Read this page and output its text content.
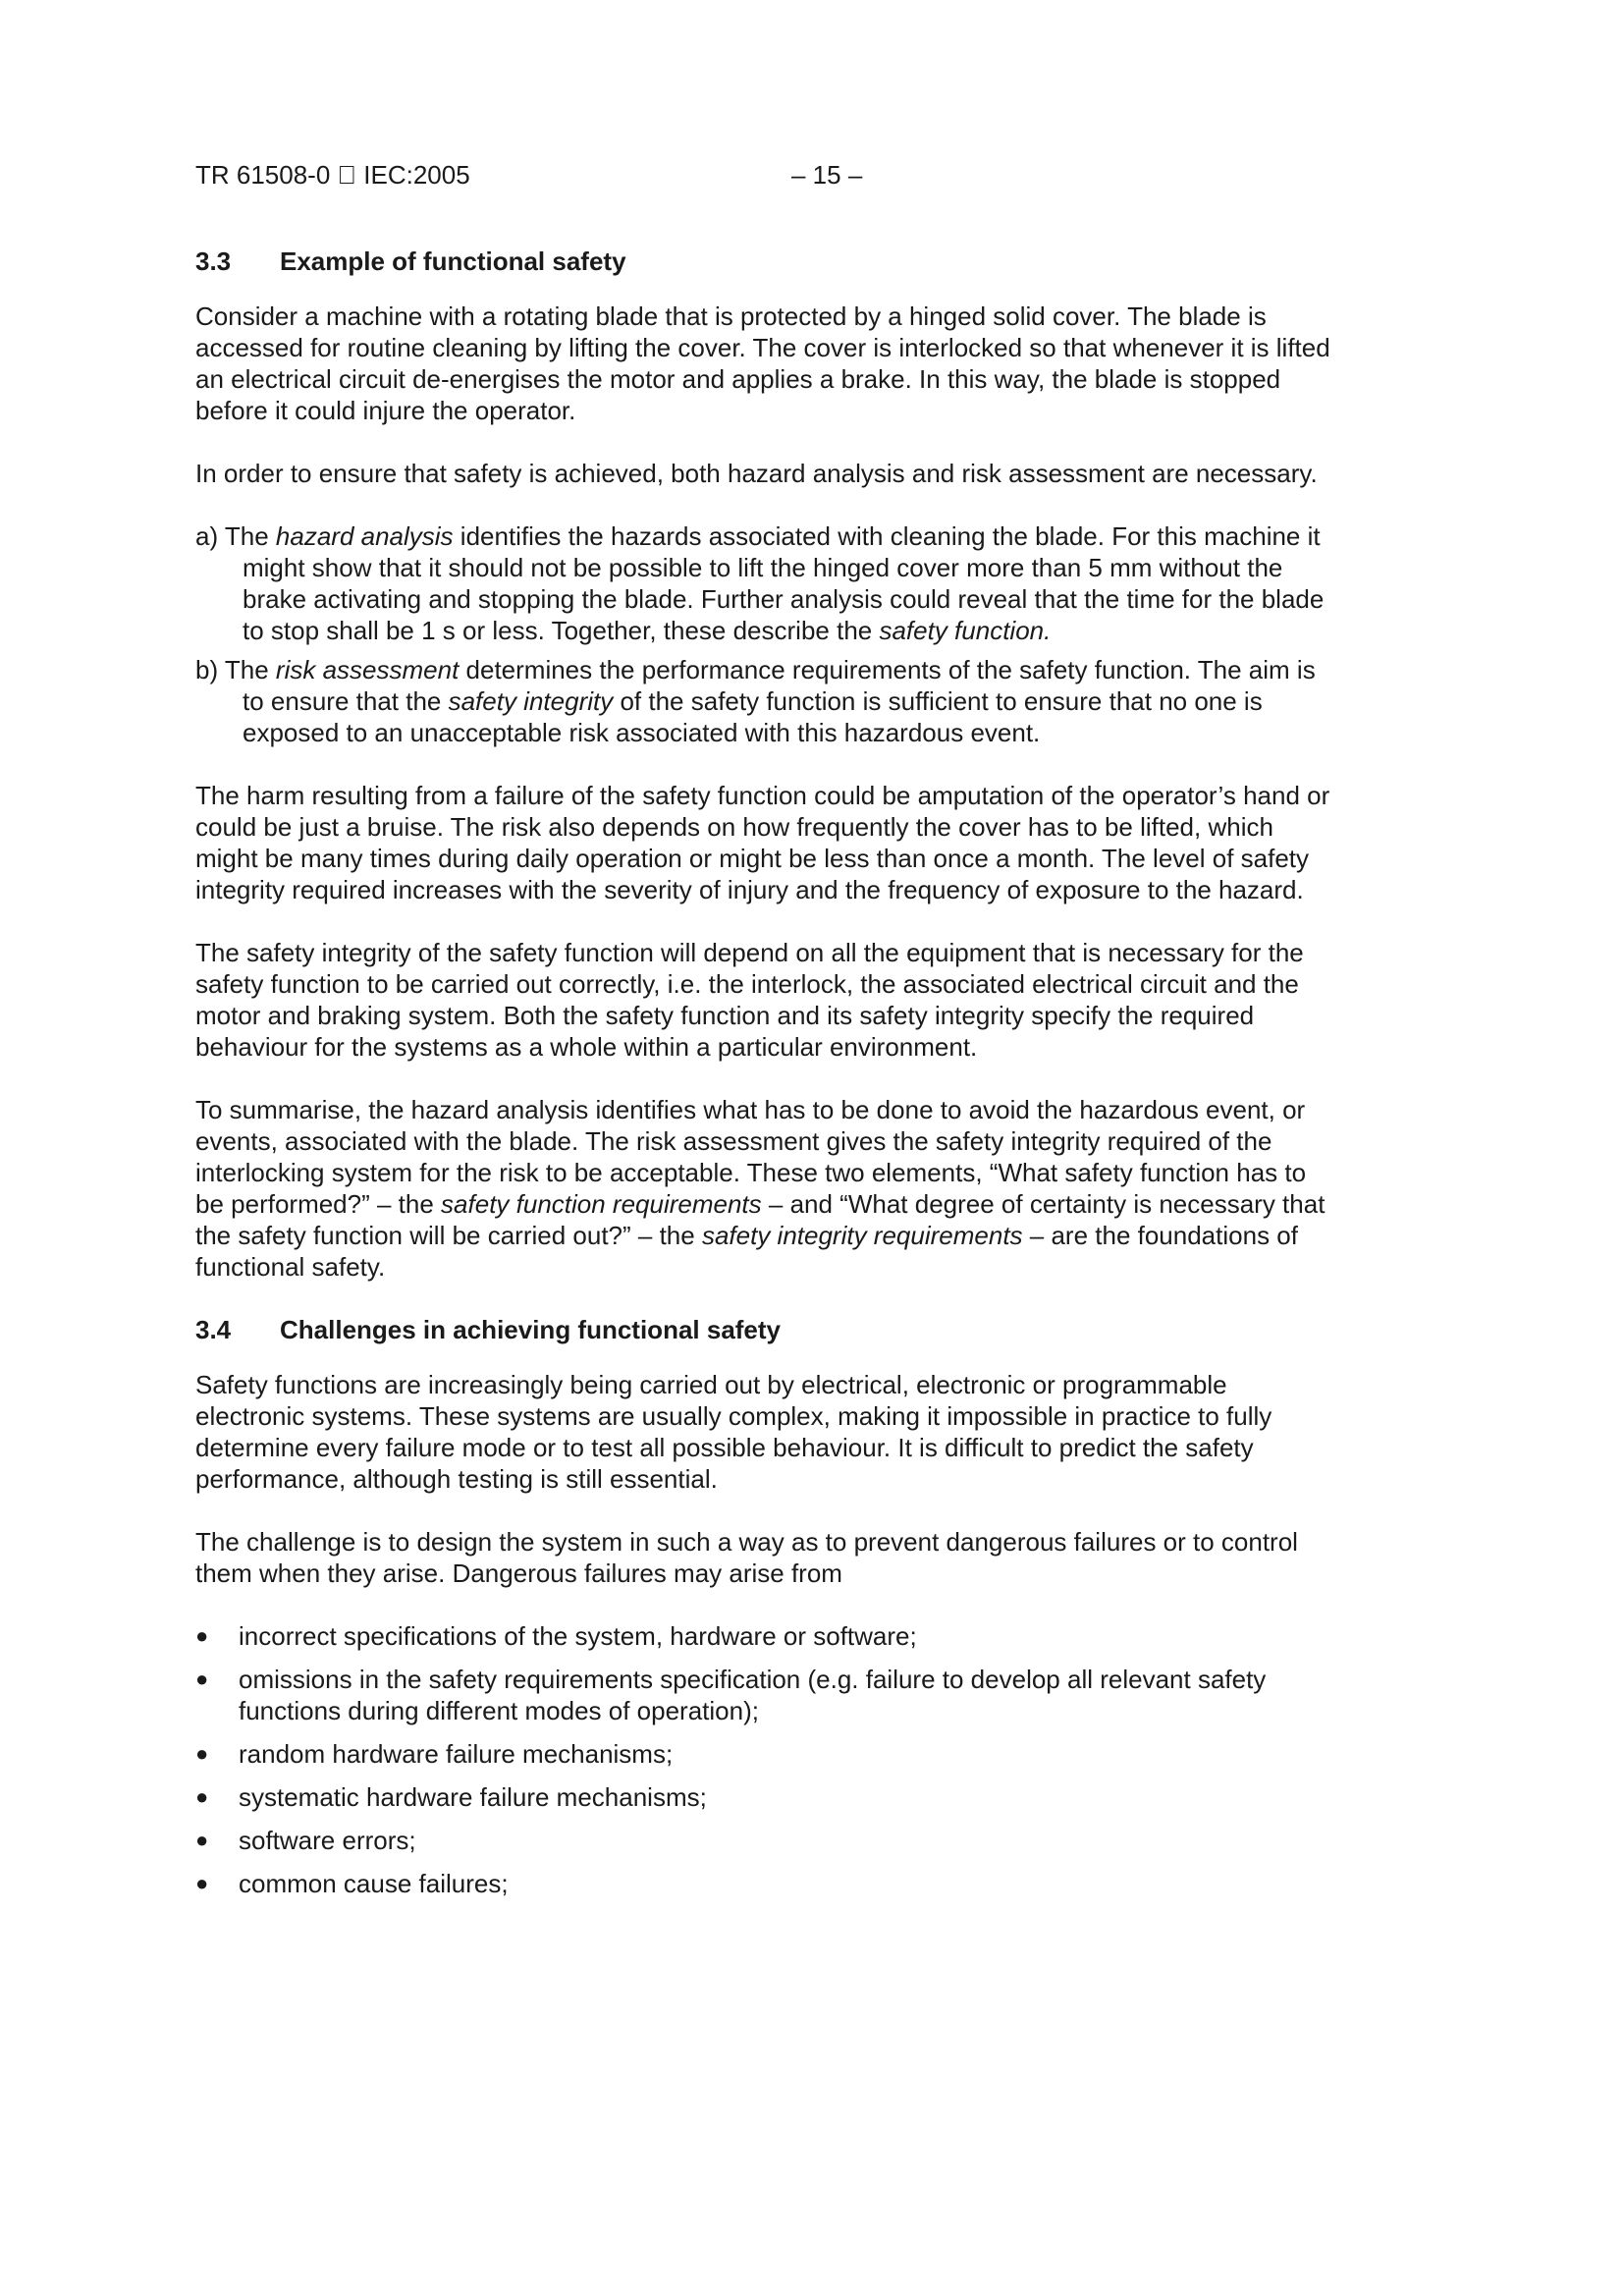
TR 61508-0   IEC:2005	– 15 –
3.3 Example of functional safety

Consider a machine with a rotating blade that is protected by a hinged solid cover. The blade is accessed for routine cleaning by lifting the cover. The cover is interlocked so that whenever it is lifted an electrical circuit de-energises the motor and applies a brake. In this way, the blade is stopped before it could injure the operator.

In order to ensure that safety is achieved, both hazard analysis and risk assessment are necessary.

a) The hazard analysis identifies the hazards associated with cleaning the blade. For this machine it might show that it should not be possible to lift the hinged cover more than 5 mm without the brake activating and stopping the blade. Further analysis could reveal that the time for the blade to stop shall be 1 s or less. Together, these describe the safety function.
b) The risk assessment determines the performance requirements of the safety function. The aim is to ensure that the safety integrity of the safety function is sufficient to ensure that no one is exposed to an unacceptable risk associated with this hazardous event.

The harm resulting from a failure of the safety function could be amputation of the operator’s hand or could be just a bruise. The risk also depends on how frequently the cover has to be lifted, which might be many times during daily operation or might be less than once a month. The level of safety integrity required increases with the severity of injury and the frequency of exposure to the hazard.

The safety integrity of the safety function will depend on all the equipment that is necessary for the safety function to be carried out correctly, i.e. the interlock, the associated electrical circuit and the motor and braking system. Both the safety function and its safety integrity specify the required behaviour for the systems as a whole within a particular environment.

To summarise, the hazard analysis identifies what has to be done to avoid the hazardous event, or events, associated with the blade. The risk assessment gives the safety integrity required of the interlocking system for the risk to be acceptable. These two elements, “What safety function has to be performed?” – the safety function requirements – and “What degree of certainty is necessary that the safety function will be carried out?” – the safety integrity requirements – are the foundations of functional safety.

3.4 Challenges in achieving functional safety

Safety functions are increasingly being carried out by electrical, electronic or programmable electronic systems. These systems are usually complex, making it impossible in practice to fully determine every failure mode or to test all possible behaviour. It is difficult to predict the safety performance, although testing is still essential.

The challenge is to design the system in such a way as to prevent dangerous failures or to control them when they arise. Dangerous failures may arise from

● incorrect specifications of the system, hardware or software;
● omissions in the safety requirements specification (e.g. failure to develop all relevant safety functions during different modes of operation);
● random hardware failure mechanisms;
● systematic hardware failure mechanisms;
● software errors;
● common cause failures;
